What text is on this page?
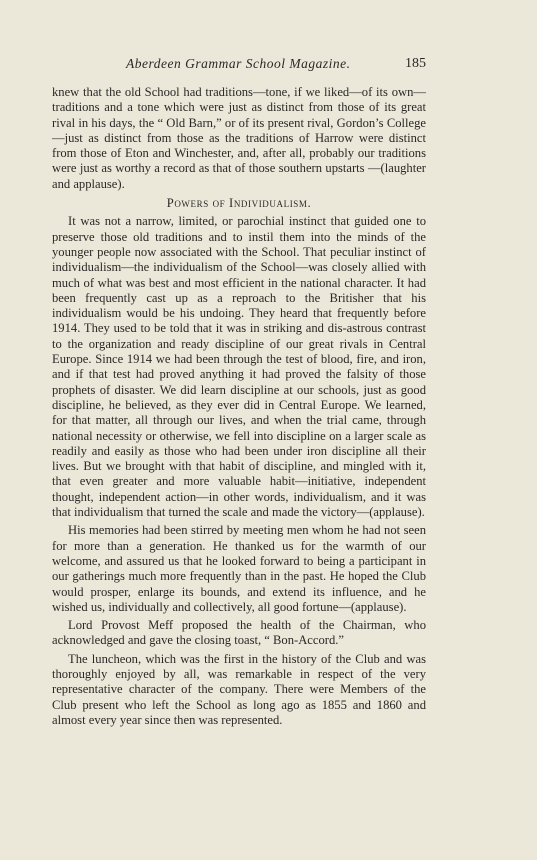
Aberdeen Grammar School Magazine.	185

knew that the old School had traditions—tone, if we liked—of its own—traditions and a tone which were just as distinct from those of its great rival in his days, the “ Old Barn,” or of its present rival, Gordon’s College—just as distinct from those as the traditions of Harrow were distinct from those of Eton and Winchester, and, after all, probably our traditions were just as worthy a record as that of those southern upstarts —(laughter and applause).

Powers of Individualism.

It was not a narrow, limited, or parochial instinct that guided one to preserve those old traditions and to instil them into the minds of the younger people now associated with the School. That peculiar instinct of individualism—the individualism of the School—was closely allied with much of what was best and most efficient in the national character. It had been frequently cast up as a reproach to the Britisher that his individualism would be his undoing. They heard that frequently before 1914. They used to be told that it was in striking and dis-astrous contrast to the organization and ready discipline of our great rivals in Central Europe. Since 1914 we had been through the test of blood, fire, and iron, and if that test had proved anything it had proved the falsity of those prophets of disaster. We did learn discipline at our schools, just as good discipline, he believed, as they ever did in Central Europe. We learned, for that matter, all through our lives, and when the trial came, through national necessity or otherwise, we fell into discipline on a larger scale as readily and easily as those who had been under iron discipline all their lives. But we brought with that habit of discipline, and mingled with it, that even greater and more valuable habit—initiative, independent thought, independent action—in other words, individualism, and it was that individualism that turned the scale and made the victory—(applause).

His memories had been stirred by meeting men whom he had not seen for more than a generation. He thanked us for the warmth of our welcome, and assured us that he looked forward to being a participant in our gatherings much more frequently than in the past. He hoped the Club would prosper, enlarge its bounds, and extend its influence, and he wished us, individually and collectively, all good fortune—(applause).

Lord Provost Meff proposed the health of the Chairman, who acknowledged and gave the closing toast, “ Bon-Accord.”

The luncheon, which was the first in the history of the Club and was thoroughly enjoyed by all, was remarkable in respect of the very representative character of the company. There were Members of the Club present who left the School as long ago as 1855 and 1860 and almost every year since then was represented.
